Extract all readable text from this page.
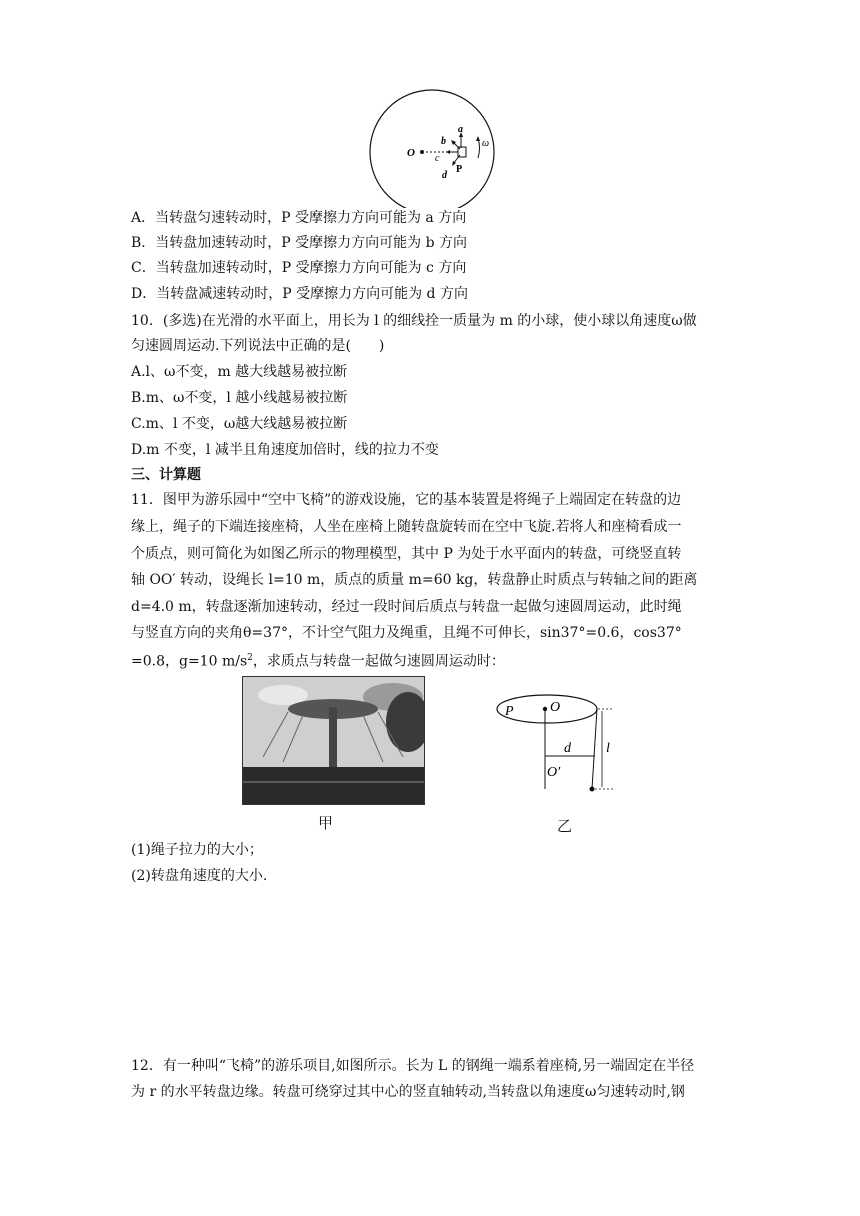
O
a
b
c
d
P
ω
A．当转盘匀速转动时，P 受摩擦力方向可能为 a 方向
B．当转盘加速转动时，P 受摩擦力方向可能为 b 方向
C．当转盘加速转动时，P 受摩擦力方向可能为 c 方向
D．当转盘减速转动时，P 受摩擦力方向可能为 d 方向
10．(多选)在光滑的水平面上，用长为 l 的细线拴一质量为 m 的小球，使小球以角速度ω做
匀速圆周运动.下列说法中正确的是(　　)
A.l、ω不变，m 越大线越易被拉断
B.m、ω不变，l 越小线越易被拉断
C.m、l 不变，ω越大线越易被拉断
D.m 不变，l 减半且角速度加倍时，线的拉力不变
三、计算题
11．图甲为游乐园中“空中飞椅”的游戏设施，它的基本装置是将绳子上端固定在转盘的边
缘上，绳子的下端连接座椅，人坐在座椅上随转盘旋转而在空中飞旋.若将人和座椅看成一
个质点，则可简化为如图乙所示的物理模型，其中 P 为处于水平面内的转盘，可绕竖直转
轴 OO′ 转动，设绳长 l=10 m，质点的质量 m=60 kg，转盘静止时质点与转轴之间的距离
d=4.0 m，转盘逐渐加速转动，经过一段时间后质点与转盘一起做匀速圆周运动，此时绳
与竖直方向的夹角θ=37°，不计空气阻力及绳重，且绳不可伸长，sin37°=0.6，cos37°
=0.8，g=10 $m/s^2$，求质点与转盘一起做匀速圆周运动时：
甲
P	O
d	l
O′
乙
(1)绳子拉力的大小；
(2)转盘角速度的大小.
12．有一种叫“飞椅”的游乐项目,如图所示。长为 L 的钢绳一端系着座椅,另一端固定在半径
为 r 的水平转盘边缘。转盘可绕穿过其中心的竖直轴转动,当转盘以角速度ω匀速转动时,钢
